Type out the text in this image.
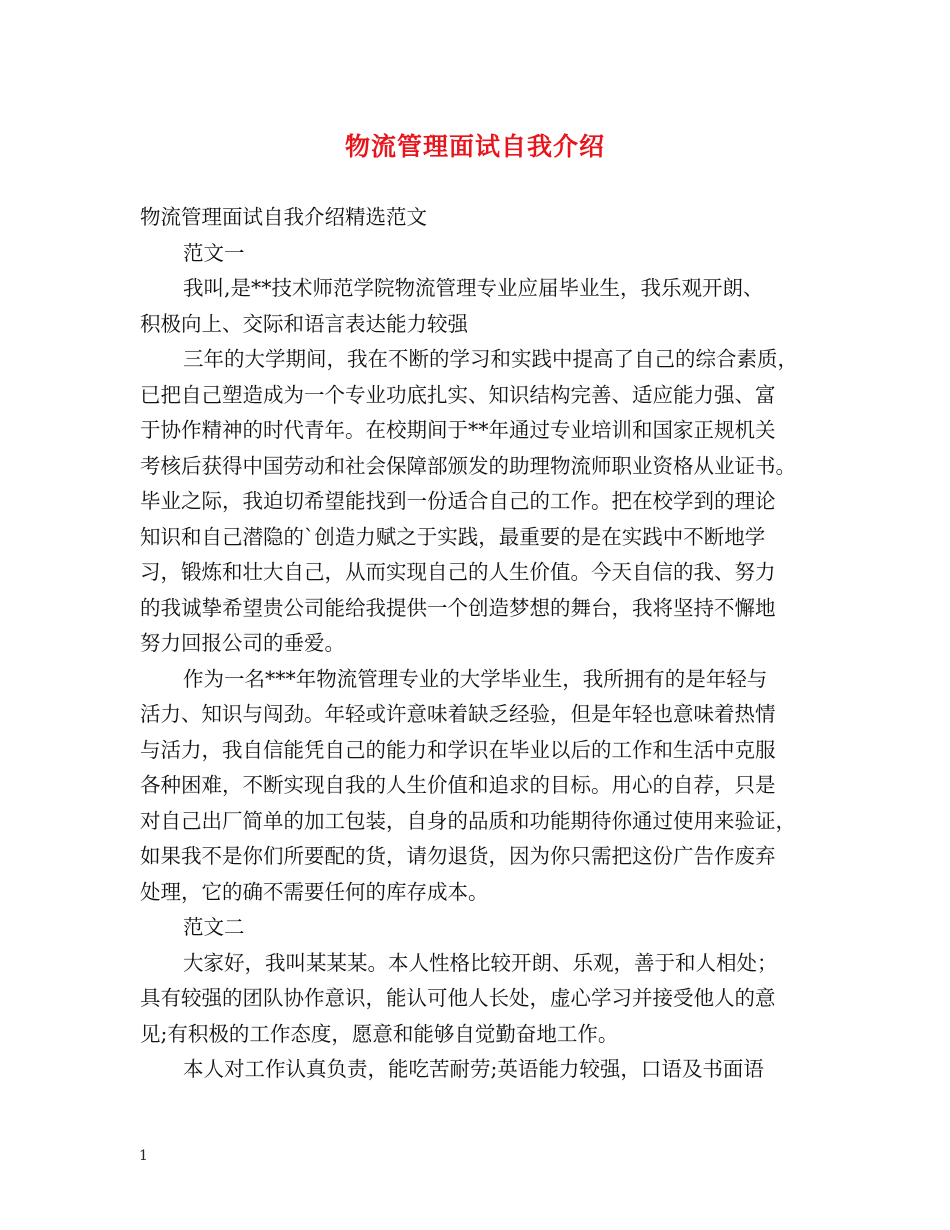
物流管理面试自我介绍

物流管理面试自我介绍精选范文

范文一

我叫,是**技术师范学院物流管理专业应届毕业生，我乐观开朗、

积极向上、交际和语言表达能力较强

三年的大学期间，我在不断的学习和实践中提高了自己的综合素质，

已把自己塑造成为一个专业功底扎实、知识结构完善、适应能力强、富

于协作精神的时代青年。在校期间于**年通过专业培训和国家正规机关

考核后获得中国劳动和社会保障部颁发的助理物流师职业资格从业证书。

毕业之际，我迫切希望能找到一份适合自己的工作。把在校学到的理论

知识和自己潜隐的`创造力赋之于实践，最重要的是在实践中不断地学

习，锻炼和壮大自己，从而实现自己的人生价值。今天自信的我、努力

的我诚挚希望贵公司能给我提供一个创造梦想的舞台，我将坚持不懈地

努力回报公司的垂爱。

作为一名***年物流管理专业的大学毕业生，我所拥有的是年轻与

活力、知识与闯劲。年轻或许意味着缺乏经验，但是年轻也意味着热情

与活力，我自信能凭自己的能力和学识在毕业以后的工作和生活中克服

各种困难，不断实现自我的人生价值和追求的目标。用心的自荐，只是

对自己出厂简单的加工包装，自身的品质和功能期待你通过使用来验证，

如果我不是你们所要配的货，请勿退货，因为你只需把这份广告作废弃

处理，它的确不需要任何的库存成本。

范文二

大家好，我叫某某某。本人性格比较开朗、乐观，善于和人相处；

具有较强的团队协作意识，能认可他人长处，虚心学习并接受他人的意

见;有积极的工作态度，愿意和能够自觉勤奋地工作。

本人对工作认真负责，能吃苦耐劳;英语能力较强，口语及书面语

1
